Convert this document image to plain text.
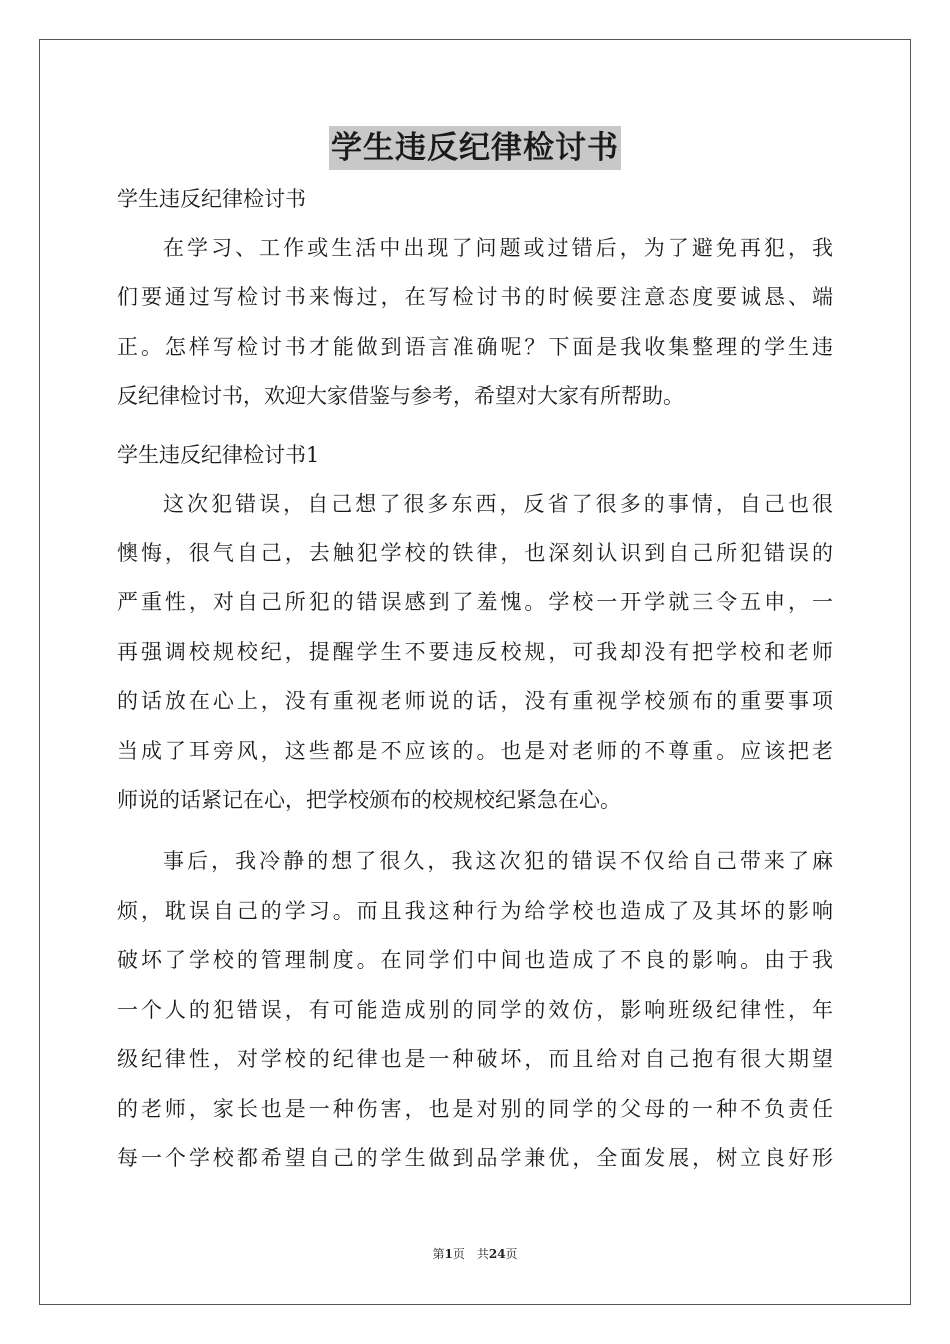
学生违反纪律检讨书

学生违反纪律检讨书

在学习、工作或生活中出现了问题或过错后，为了避免再犯，我

们要通过写检讨书来悔过，在写检讨书的时候要注意态度要诚恳、端

正。怎样写检讨书才能做到语言准确呢？下面是我收集整理的学生违

反纪律检讨书，欢迎大家借鉴与参考，希望对大家有所帮助。

学生违反纪律检讨书1

这次犯错误，自己想了很多东西，反省了很多的事情，自己也很

懊悔，很气自己，去触犯学校的铁律，也深刻认识到自己所犯错误的

严重性，对自己所犯的错误感到了羞愧。学校一开学就三令五申，一

再强调校规校纪，提醒学生不要违反校规，可我却没有把学校和老师

的话放在心上，没有重视老师说的话，没有重视学校颁布的重要事项

当成了耳旁风，这些都是不应该的。也是对老师的不尊重。应该把老

师说的话紧记在心，把学校颁布的校规校纪紧急在心。

事后，我冷静的想了很久，我这次犯的错误不仅给自己带来了麻

烦，耽误自己的学习。而且我这种行为给学校也造成了及其坏的影响

破坏了学校的管理制度。在同学们中间也造成了不良的影响。由于我

一个人的犯错误，有可能造成别的同学的效仿，影响班级纪律性，年

级纪律性，对学校的纪律也是一种破坏，而且给对自己抱有很大期望

的老师，家长也是一种伤害，也是对别的同学的父母的一种不负责任

每一个学校都希望自己的学生做到品学兼优，全面发展，树立良好形

第1页 共24页
